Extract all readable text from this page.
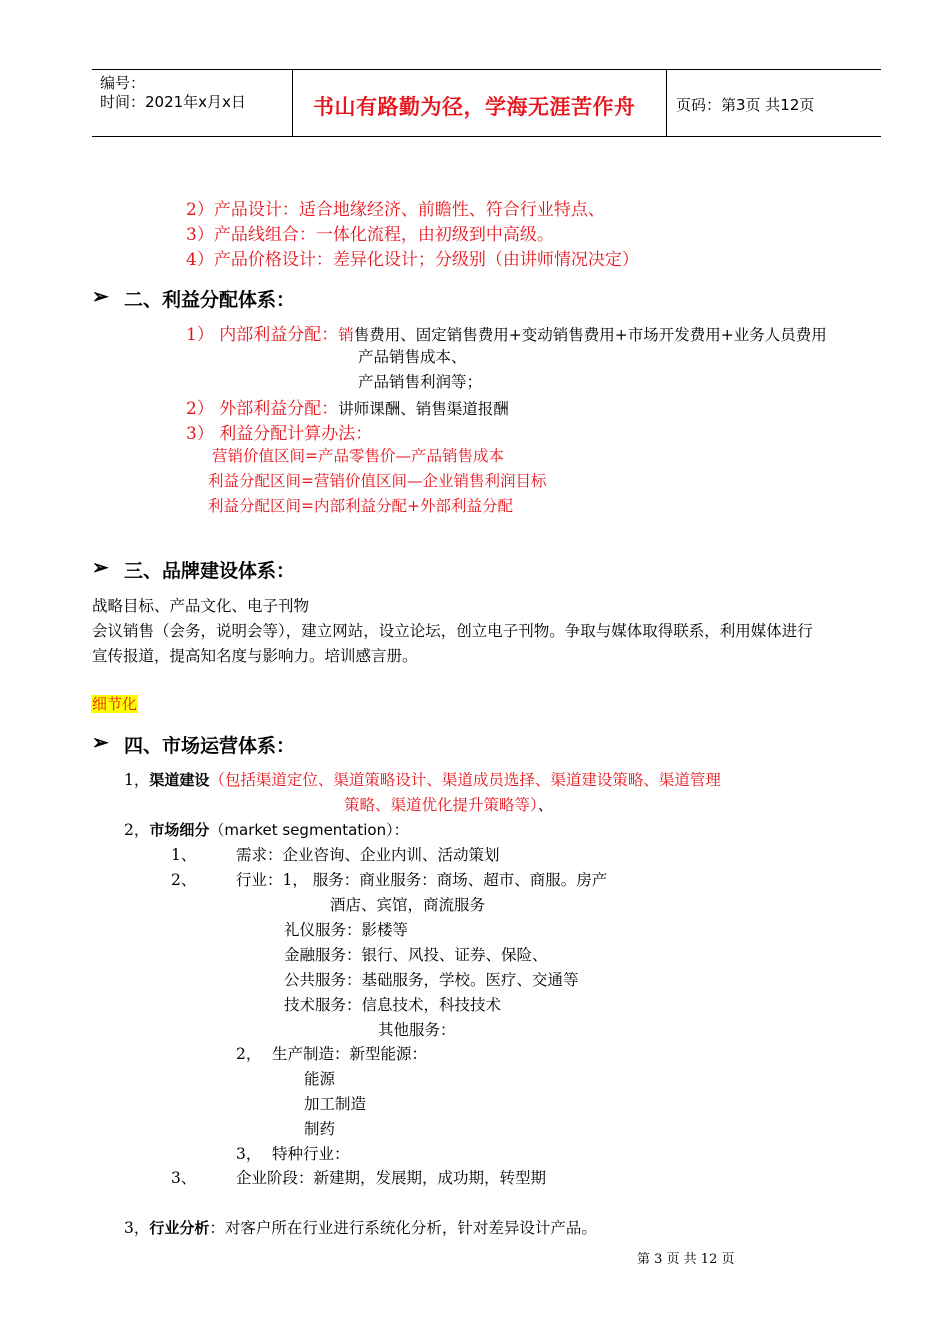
编号：
时间：2021年x月x日	书山有路勤为径，学海无涯苦作舟	页码：第3页 共12页
2）产品设计：适合地缘经济、前瞻性、符合行业特点、
3）产品线组合：一体化流程，由初级到中高级。
4）产品价格设计：差异化设计；分级别（由讲师情况决定）
➢ 二、利益分配体系：
1） 内部利益分配：销售费用、固定销售费用+变动销售费用+市场开发费用+业务人员费用
产品销售成本、
产品销售利润等；
2） 外部利益分配：讲师课酬、销售渠道报酬
3） 利益分配计算办法：
营销价值区间=产品零售价—产品销售成本
利益分配区间=营销价值区间—企业销售利润目标
利益分配区间=内部利益分配+外部利益分配
➢ 三、品牌建设体系：
战略目标、产品文化、电子刊物
会议销售（会务，说明会等），建立网站，设立论坛，创立电子刊物。争取与媒体取得联系，利用媒体进行
宣传报道，提高知名度与影响力。培训感言册。
细节化
➢ 四、市场运营体系：
1，渠道建设（包括渠道定位、渠道策略设计、渠道成员选择、渠道建设策略、渠道管理
策略、渠道优化提升策略等）、
2，市场细分（market segmentation）：
1、	需求：企业咨询、企业内训、活动策划
2、	行业：1， 服务：商业服务：商场、超市、商服。房产
酒店、宾馆，商流服务
礼仪服务：影楼等
金融服务：银行、风投、证券、保险、
公共服务：基础服务，学校。医疗、交通等
技术服务：信息技术，科技技术
其他服务：
2， 生产制造：新型能源：
能源
加工制造
制药
3， 特种行业：
3、	企业阶段：新建期，发展期，成功期，转型期
3，行业分析：对客户所在行业进行系统化分析，针对差异设计产品。
第 3 页 共 12 页
